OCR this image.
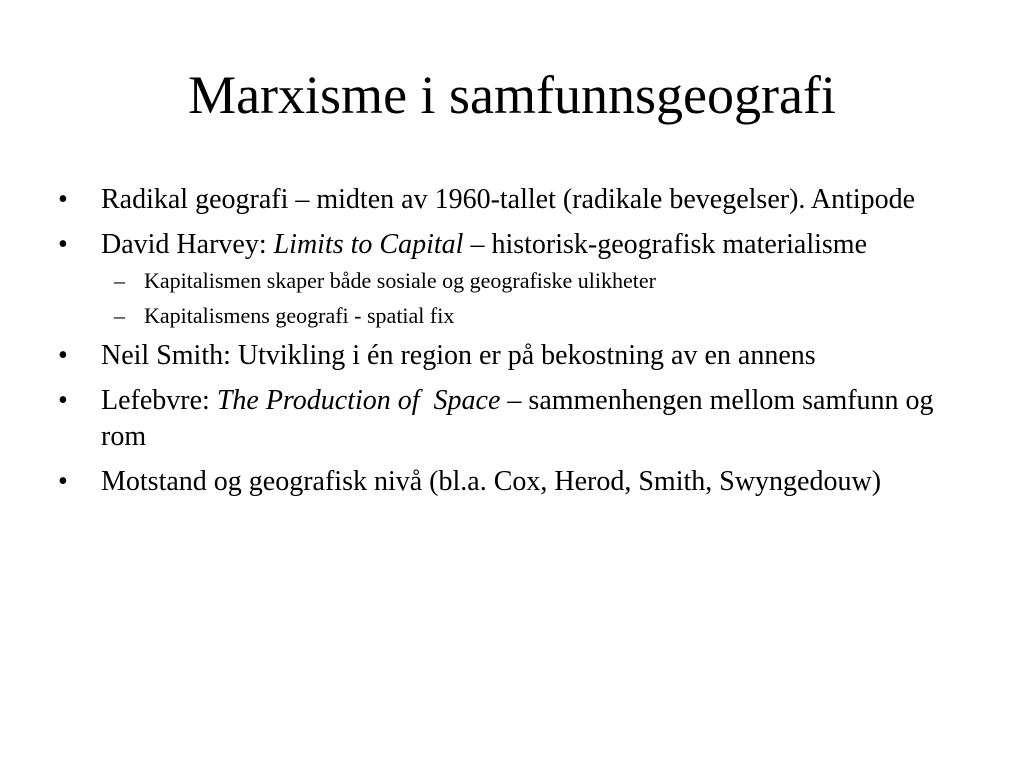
Marxisme i samfunnsgeografi
•	Radikal geografi – midten av 1960-tallet (radikale bevegelser). Antipode
•	David Harvey: Limits to Capital – historisk-geografisk materialisme
– Kapitalismen skaper både sosiale og geografiske ulikheter
– Kapitalismens geografi - spatial fix
•	Neil Smith: Utvikling i én region er på bekostning av en annens
•	Lefebvre: The Production of  Space – sammenhengen mellom samfunn og rom
•	Motstand og geografisk nivå (bl.a. Cox, Herod, Smith, Swyngedouw)
